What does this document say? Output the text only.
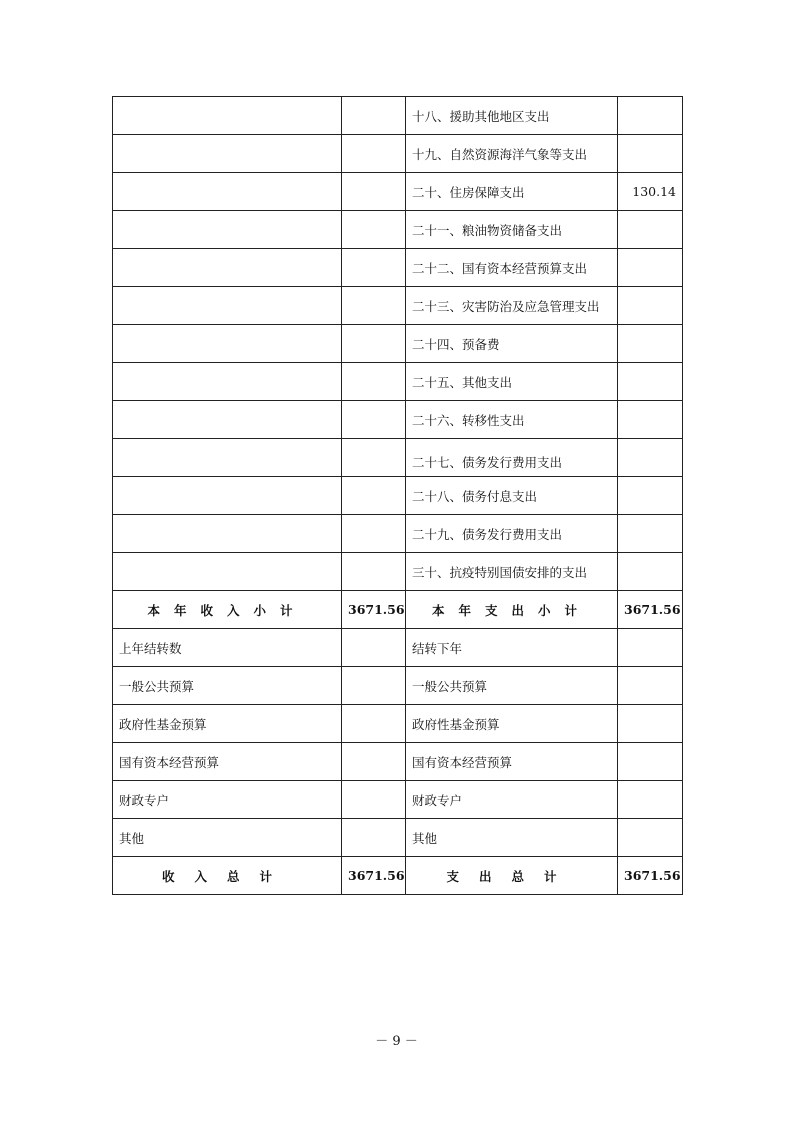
		十八、援助其他地区支出	
		十九、自然资源海洋气象等支出	
		二十、住房保障支出	130.14
		二十一、粮油物资储备支出	
		二十二、国有资本经营预算支出	
		二十三、灾害防治及应急管理支出	
		二十四、预备费	
		二十五、其他支出	
		二十六、转移性支出	
		二十七、债务发行费用支出	
		二十八、债务付息支出	
		二十九、债务发行费用支出	
		三十、抗疫特别国债安排的支出	
本年收入小计	3671.56	本年支出小计	3671.56
上年结转数		结转下年	
一般公共预算		一般公共预算	
政府性基金预算		政府性基金预算	
国有资本经营预算		国有资本经营预算	
财政专户		财政专户	
其他		其他	
收入总计	3671.56	支出总计	3671.56
－ 9 －
